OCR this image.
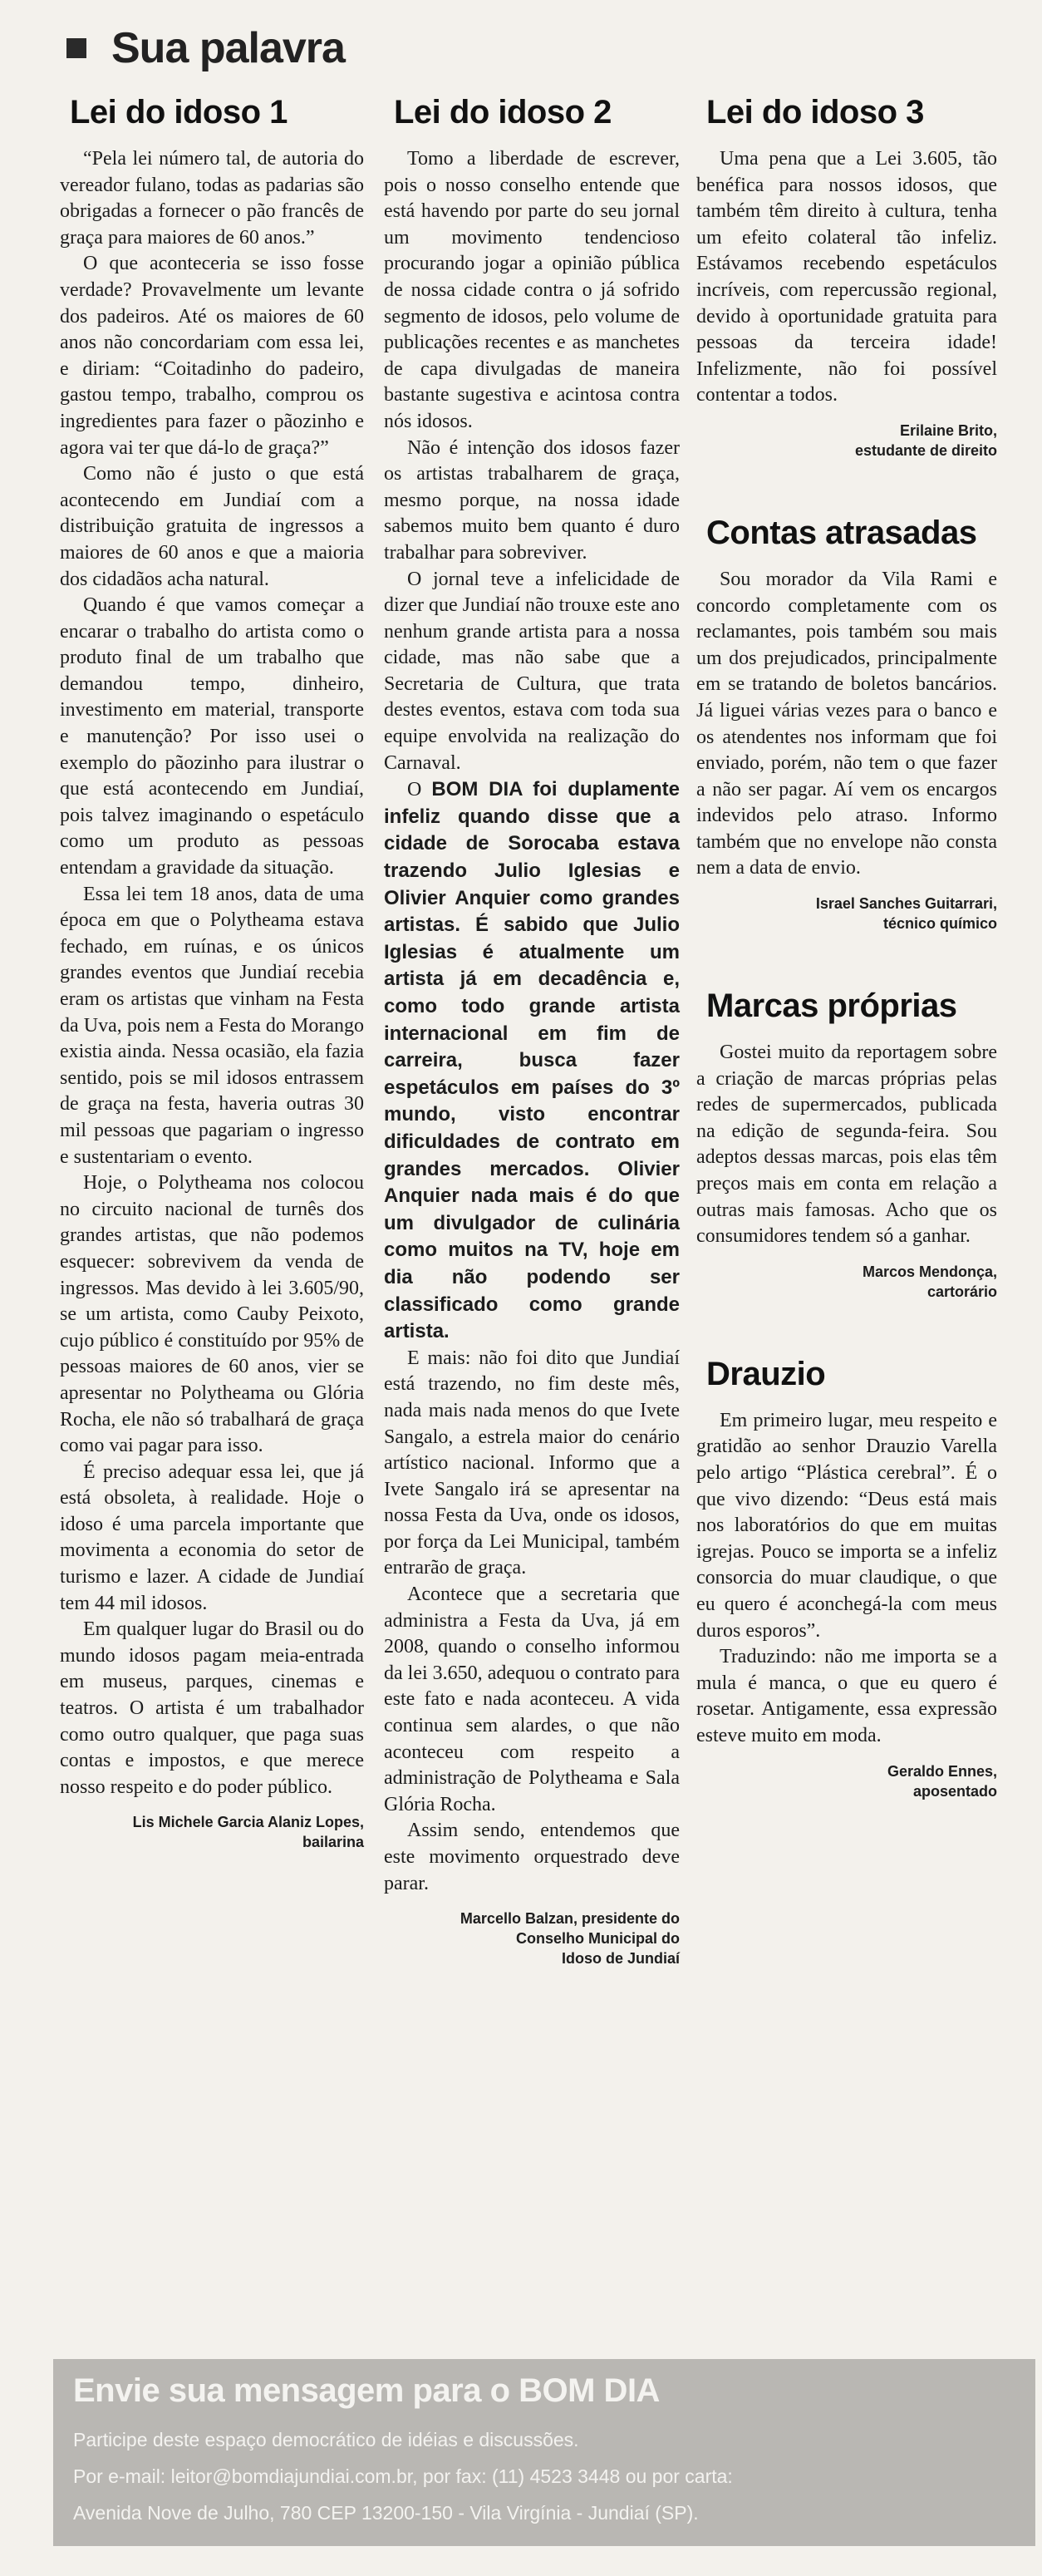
Sua palavra
Lei do idoso 1

“Pela lei número tal, de autoria do vereador fulano, todas as padarias são obrigadas a fornecer o pão francês de graça para maiores de 60 anos.”

O que aconteceria se isso fosse verdade? Provavelmente um levante dos padeiros. Até os maiores de 60 anos não concordariam com essa lei, e diriam: “Coitadinho do padeiro, gastou tempo, trabalho, comprou os ingredientes para fazer o pãozinho e agora vai ter que dá-lo de graça?”

Como não é justo o que está acontecendo em Jundiaí com a distribuição gratuita de ingressos a maiores de 60 anos e que a maioria dos cidadãos acha natural.

Quando é que vamos começar a encarar o trabalho do artista como o produto final de um trabalho que demandou tempo, dinheiro, investimento em material, transporte e manutenção? Por isso usei o exemplo do pãozinho para ilustrar o que está acontecendo em Jundiaí, pois talvez imaginando o espetáculo como um produto as pessoas entendam a gravidade da situação.

Essa lei tem 18 anos, data de uma época em que o Polytheama estava fechado, em ruínas, e os únicos grandes eventos que Jundiaí recebia eram os artistas que vinham na Festa da Uva, pois nem a Festa do Morango existia ainda. Nessa ocasião, ela fazia sentido, pois se mil idosos entrassem de graça na festa, haveria outras 30 mil pessoas que pagariam o ingresso e sustentariam o evento.

Hoje, o Polytheama nos colocou no circuito nacional de turnês dos grandes artistas, que não podemos esquecer: sobrevivem da venda de ingressos. Mas devido à lei 3.605/90, se um artista, como Cauby Peixoto, cujo público é constituído por 95% de pessoas maiores de 60 anos, vier se apresentar no Polytheama ou Glória Rocha, ele não só trabalhará de graça como vai pagar para isso.

É preciso adequar essa lei, que já está obsoleta, à realidade. Hoje o idoso é uma parcela importante que movimenta a economia do setor de turismo e lazer. A cidade de Jundiaí tem 44 mil idosos.

Em qualquer lugar do Brasil ou do mundo idosos pagam meia-entrada em museus, parques, cinemas e teatros. O artista é um trabalhador como outro qualquer, que paga suas contas e impostos, e que merece nosso respeito e do poder público.

Lis Michele Garcia Alaniz Lopes,
bailarina
Lei do idoso 2

Tomo a liberdade de escrever, pois o nosso conselho entende que está havendo por parte do seu jornal um movimento tendencioso procurando jogar a opinião pública de nossa cidade contra o já sofrido segmento de idosos, pelo volume de publicações recentes e as manchetes de capa divulgadas de maneira bastante sugestiva e acintosa contra nós idosos.

Não é intenção dos idosos fazer os artistas trabalharem de graça, mesmo porque, na nossa idade sabemos muito bem quanto é duro trabalhar para sobreviver.

O jornal teve a infelicidade de dizer que Jundiaí não trouxe este ano nenhum grande artista para a nossa cidade, mas não sabe que a Secretaria de Cultura, que trata destes eventos, estava com toda sua equipe envolvida na realização do Carnaval.

O BOM DIA foi duplamente infeliz quando disse que a cidade de Sorocaba estava trazendo Julio Iglesias e Olivier Anquier como grandes artistas. É sabido que Julio Iglesias é atualmente um artista já em decadência e, como todo grande artista internacional em fim de carreira, busca fazer espetáculos em países do 3º mundo, visto encontrar dificuldades de contrato em grandes mercados. Olivier Anquier nada mais é do que um divulgador de culinária como muitos na TV, hoje em dia não podendo ser classificado como grande artista.

E mais: não foi dito que Jundiaí está trazendo, no fim deste mês, nada mais nada menos do que Ivete Sangalo, a estrela maior do cenário artístico nacional. Informo que a Ivete Sangalo irá se apresentar na nossa Festa da Uva, onde os idosos, por força da Lei Municipal, também entrarão de graça.

Acontece que a secretaria que administra a Festa da Uva, já em 2008, quando o conselho informou da lei 3.650, adequou o contrato para este fato e nada aconteceu. A vida continua sem alardes, o que não aconteceu com respeito a administração de Polytheama e Sala Glória Rocha.

Assim sendo, entendemos que este movimento orquestrado deve parar.

Marcello Balzan, presidente do
Conselho Municipal do
Idoso de Jundiaí
Lei do idoso 3

Uma pena que a Lei 3.605, tão benéfica para nossos idosos, que também têm direito à cultura, tenha um efeito colateral tão infeliz. Estávamos recebendo espetáculos incríveis, com repercussão regional, devido à oportunidade gratuita para pessoas da terceira idade! Infelizmente, não foi possível contentar a todos.

Erilaine Brito,
estudante de direito
Contas atrasadas

Sou morador da Vila Rami e concordo completamente com os reclamantes, pois também sou mais um dos prejudicados, principalmente em se tratando de boletos bancários. Já liguei várias vezes para o banco e os atendentes nos informam que foi enviado, porém, não tem o que fazer a não ser pagar. Aí vem os encargos indevidos pelo atraso. Informo também que no envelope não consta nem a data de envio.

Israel Sanches Guitarrari,
técnico químico
Marcas próprias

Gostei muito da reportagem sobre a criação de marcas próprias pelas redes de supermercados, publicada na edição de segunda-feira. Sou adeptos dessas marcas, pois elas têm preços mais em conta em relação a outras mais famosas. Acho que os consumidores tendem só a ganhar.

Marcos Mendonça,
cartorário
Drauzio

Em primeiro lugar, meu respeito e gratidão ao senhor Drauzio Varella pelo artigo “Plástica cerebral”. É o que vivo dizendo: “Deus está mais nos laboratórios do que em muitas igrejas. Pouco se importa se a infeliz consorcia do muar claudique, o que eu quero é aconchegá-la com meus duros esporos”.

Traduzindo: não me importa se a mula é manca, o que eu quero é rosetar. Antigamente, essa expressão esteve muito em moda.

Geraldo Ennes,
aposentado
Envie sua mensagem para o BOM DIA
Participe deste espaço democrático de idéias e discussões.
Por e-mail: leitor@bomdiajundiai.com.br, por fax: (11) 4523 3448 ou por carta:
Avenida Nove de Julho, 780 CEP 13200-150 - Vila Virgínia - Jundiaí (SP).
